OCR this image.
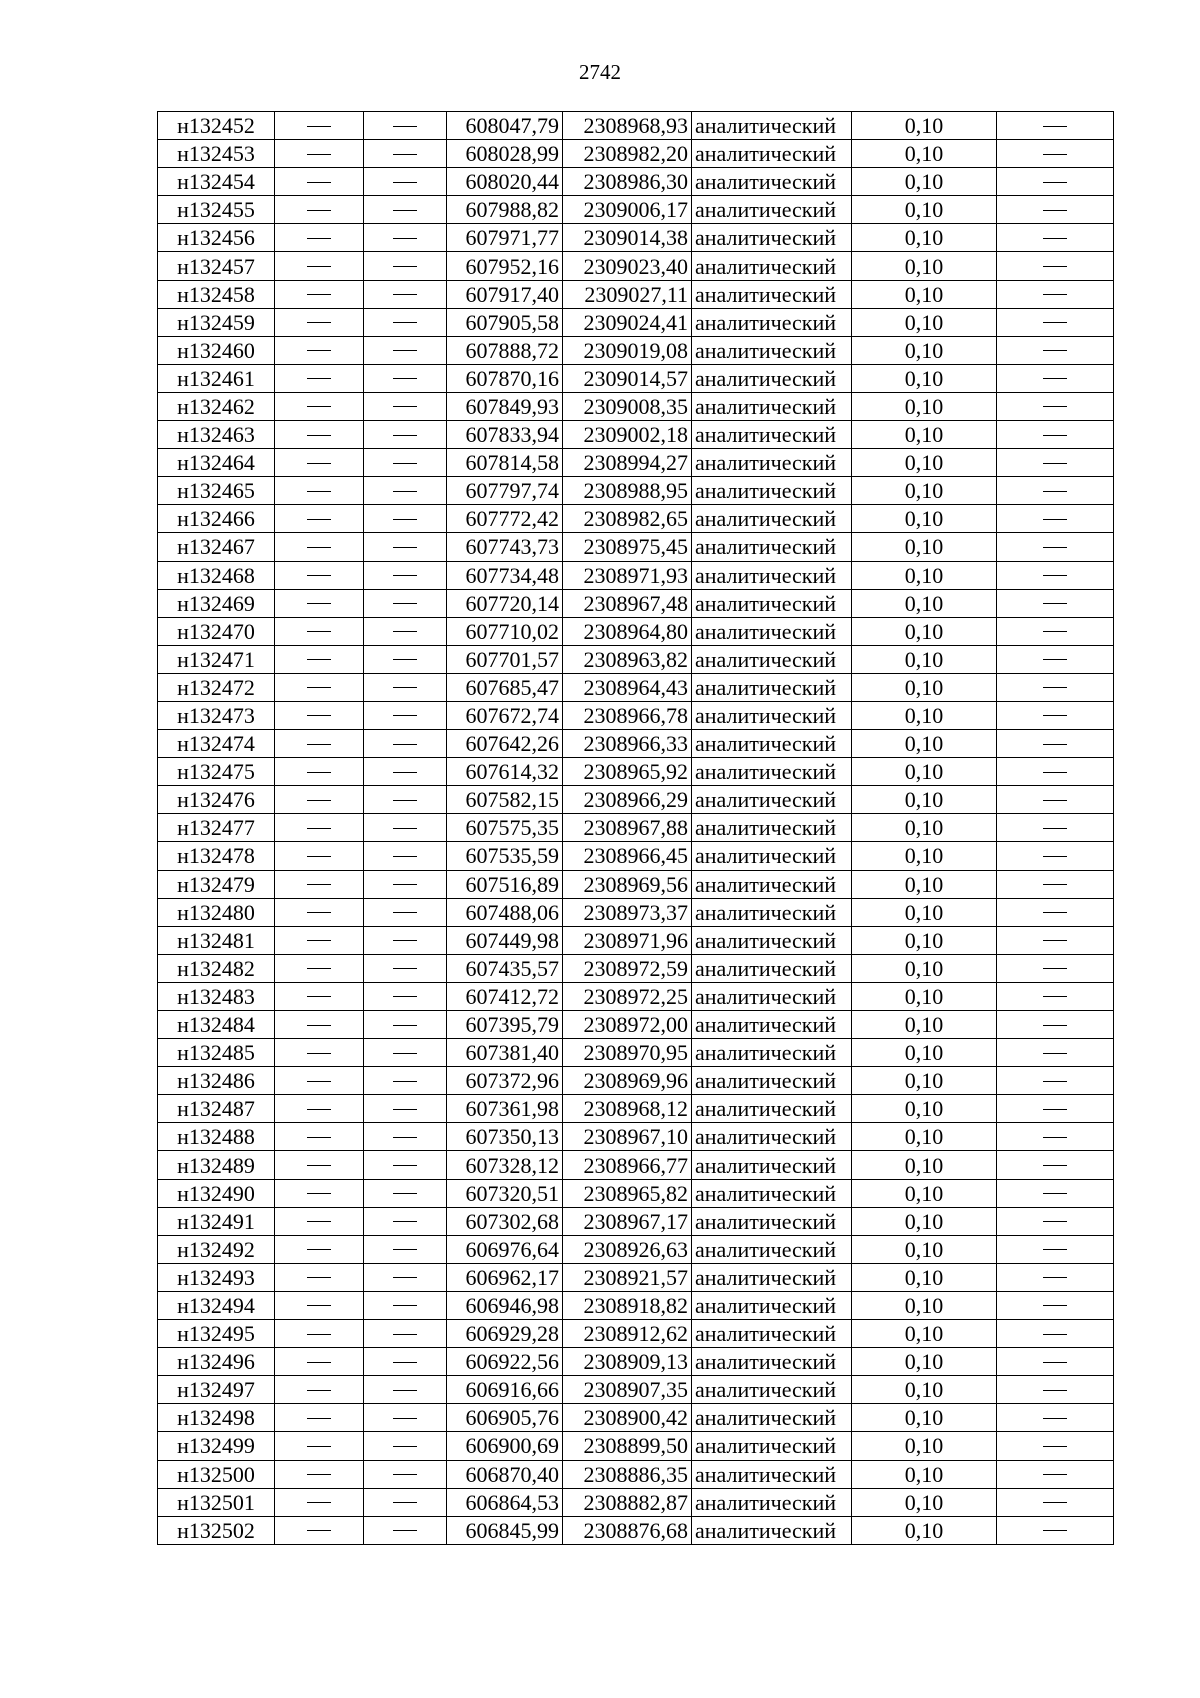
2742
н132452			608047,79	2308968,93	аналитический	0,10	
н132453			608028,99	2308982,20	аналитический	0,10	
н132454			608020,44	2308986,30	аналитический	0,10	
н132455			607988,82	2309006,17	аналитический	0,10	
н132456			607971,77	2309014,38	аналитический	0,10	
н132457			607952,16	2309023,40	аналитический	0,10	
н132458			607917,40	2309027,11	аналитический	0,10	
н132459			607905,58	2309024,41	аналитический	0,10	
н132460			607888,72	2309019,08	аналитический	0,10	
н132461			607870,16	2309014,57	аналитический	0,10	
н132462			607849,93	2309008,35	аналитический	0,10	
н132463			607833,94	2309002,18	аналитический	0,10	
н132464			607814,58	2308994,27	аналитический	0,10	
н132465			607797,74	2308988,95	аналитический	0,10	
н132466			607772,42	2308982,65	аналитический	0,10	
н132467			607743,73	2308975,45	аналитический	0,10	
н132468			607734,48	2308971,93	аналитический	0,10	
н132469			607720,14	2308967,48	аналитический	0,10	
н132470			607710,02	2308964,80	аналитический	0,10	
н132471			607701,57	2308963,82	аналитический	0,10	
н132472			607685,47	2308964,43	аналитический	0,10	
н132473			607672,74	2308966,78	аналитический	0,10	
н132474			607642,26	2308966,33	аналитический	0,10	
н132475			607614,32	2308965,92	аналитический	0,10	
н132476			607582,15	2308966,29	аналитический	0,10	
н132477			607575,35	2308967,88	аналитический	0,10	
н132478			607535,59	2308966,45	аналитический	0,10	
н132479			607516,89	2308969,56	аналитический	0,10	
н132480			607488,06	2308973,37	аналитический	0,10	
н132481			607449,98	2308971,96	аналитический	0,10	
н132482			607435,57	2308972,59	аналитический	0,10	
н132483			607412,72	2308972,25	аналитический	0,10	
н132484			607395,79	2308972,00	аналитический	0,10	
н132485			607381,40	2308970,95	аналитический	0,10	
н132486			607372,96	2308969,96	аналитический	0,10	
н132487			607361,98	2308968,12	аналитический	0,10	
н132488			607350,13	2308967,10	аналитический	0,10	
н132489			607328,12	2308966,77	аналитический	0,10	
н132490			607320,51	2308965,82	аналитический	0,10	
н132491			607302,68	2308967,17	аналитический	0,10	
н132492			606976,64	2308926,63	аналитический	0,10	
н132493			606962,17	2308921,57	аналитический	0,10	
н132494			606946,98	2308918,82	аналитический	0,10	
н132495			606929,28	2308912,62	аналитический	0,10	
н132496			606922,56	2308909,13	аналитический	0,10	
н132497			606916,66	2308907,35	аналитический	0,10	
н132498			606905,76	2308900,42	аналитический	0,10	
н132499			606900,69	2308899,50	аналитический	0,10	
н132500			606870,40	2308886,35	аналитический	0,10	
н132501			606864,53	2308882,87	аналитический	0,10	
н132502			606845,99	2308876,68	аналитический	0,10	
